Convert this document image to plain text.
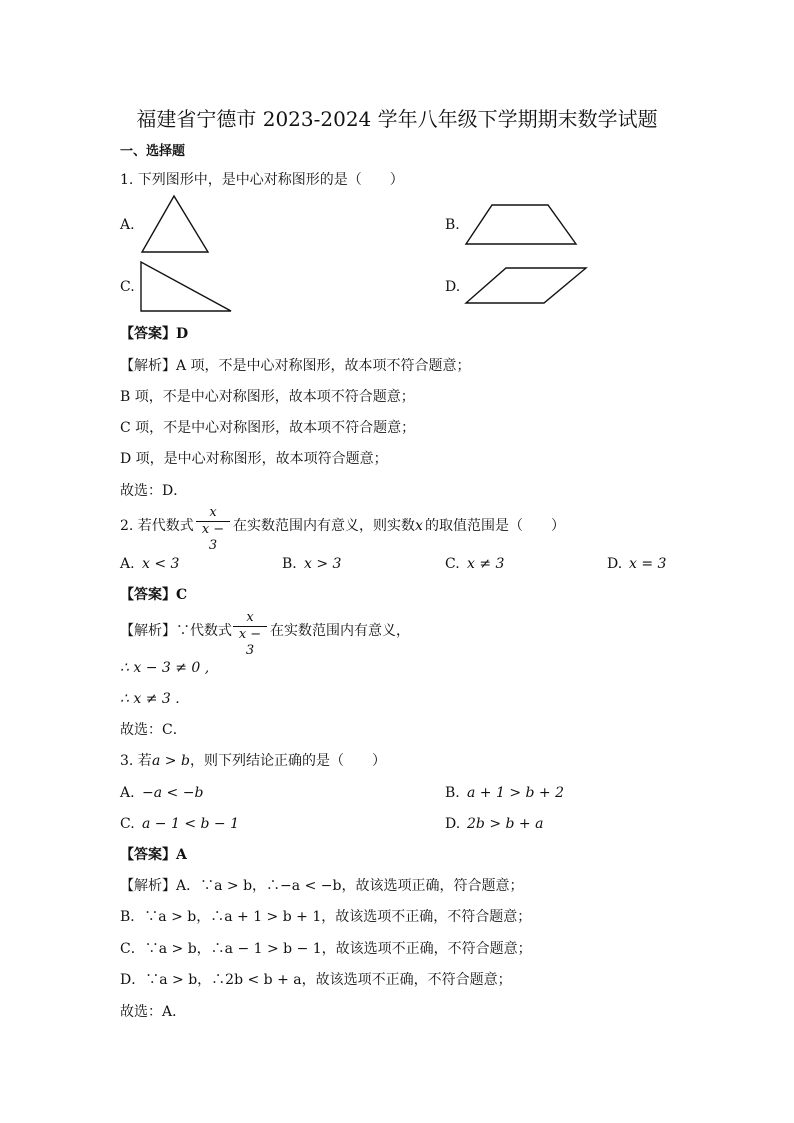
福建省宁德市 2023-2024 学年八年级下学期期末数学试题
一、选择题
1. 下列图形中，是中心对称图形的是（　　）
A.	B.
C.	D.
【答案】D
【解析】A 项，不是中心对称图形，故本项不符合题意；
B 项，不是中心对称图形，故本项不符合题意；
C 项，不是中心对称图形，故本项不符合题意；
D 项，是中心对称图形，故本项符合题意；
故选：D．
2. 若代数式
x
x − 3
在实数范围内有意义，则实数 x 的取值范围是（　　）
A. x < 3	B. x > 3	C. x ≠ 3	D. x = 3
【答案】C
【解析】∵代数式
x
x − 3
在实数范围内有意义，
∴ x − 3 ≠ 0 ,
∴ x ≠ 3 .
故选：C．
3. 若 a > b ，则下列结论正确的是（　　）
A. −a < −b	B. a + 1 > b + 2
C. a − 1 < b − 1	D. 2b > b + a
【答案】A
【解析】A．∵a > b，∴−a < −b，故该选项正确，符合题意；
B．∵a > b，∴a + 1 > b + 1，故该选项不正确，不符合题意；
C．∵a > b，∴a − 1 > b − 1，故该选项不正确，不符合题意；
D．∵a > b，∴2b < b + a，故该选项不正确，不符合题意；
故选：A．
